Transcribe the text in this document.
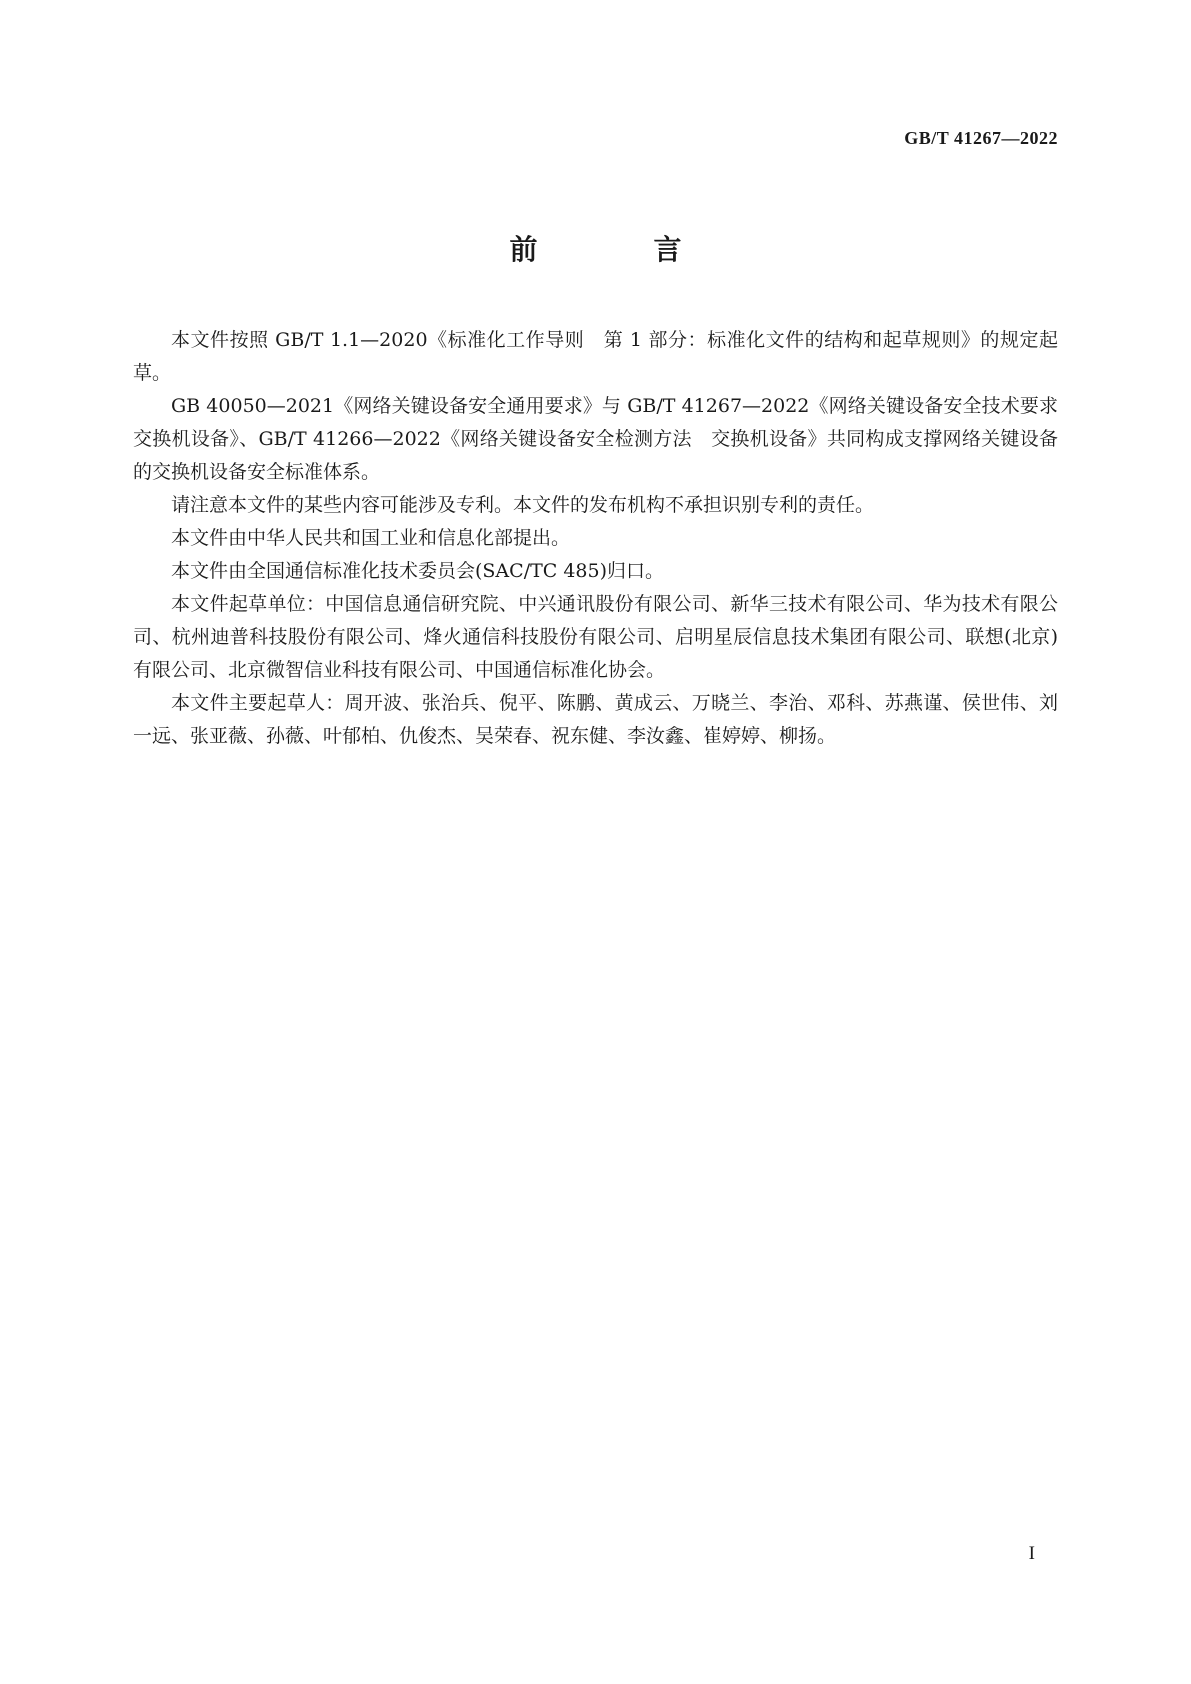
GB/T 41267—2022
前　言

本文件按照 GB/T 1.1—2020《标准化工作导则　第 1 部分：标准化文件的结构和起草规则》的规定起草。

GB 40050—2021《网络关键设备安全通用要求》与 GB/T 41267—2022《网络关键设备安全技术要求　交换机设备》、GB/T 41266—2022《网络关键设备安全检测方法　交换机设备》共同构成支撑网络关键设备的交换机设备安全标准体系。

请注意本文件的某些内容可能涉及专利。本文件的发布机构不承担识别专利的责任。

本文件由中华人民共和国工业和信息化部提出。

本文件由全国通信标准化技术委员会(SAC/TC 485)归口。

本文件起草单位：中国信息通信研究院、中兴通讯股份有限公司、新华三技术有限公司、华为技术有限公司、杭州迪普科技股份有限公司、烽火通信科技股份有限公司、启明星辰信息技术集团有限公司、联想(北京)有限公司、北京微智信业科技有限公司、中国通信标准化协会。

本文件主要起草人：周开波、张治兵、倪平、陈鹏、黄成云、万晓兰、李治、邓科、苏燕谨、侯世伟、刘一远、张亚薇、孙薇、叶郁柏、仇俊杰、吴荣春、祝东健、李汝鑫、崔婷婷、柳扬。

I
